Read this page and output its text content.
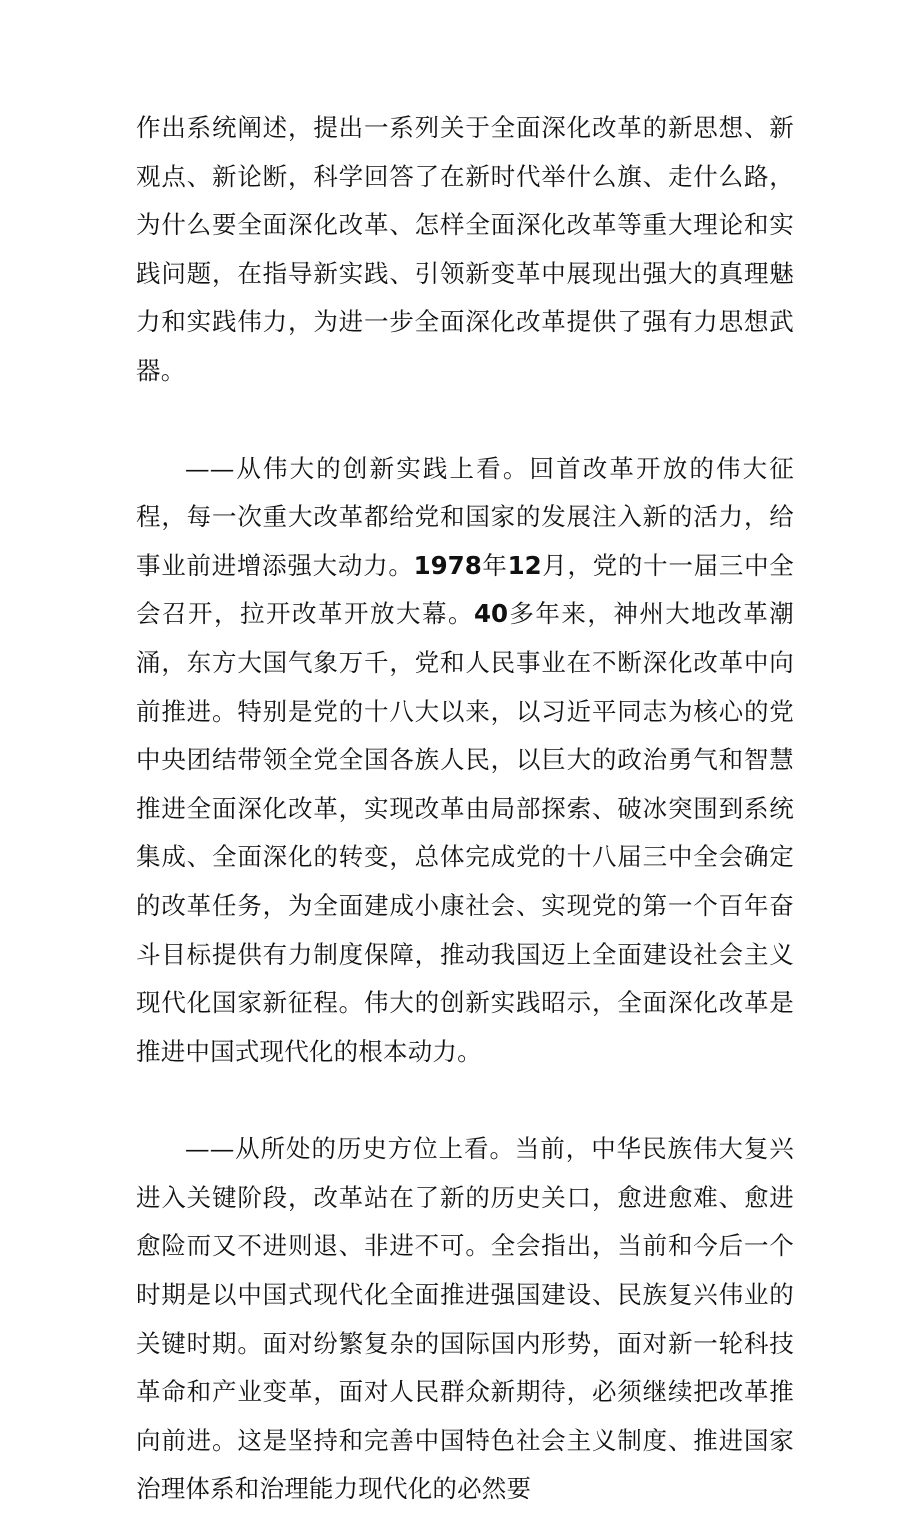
作出系统阐述，提出一系列关于全面深化改革的新思想、新观点、新论断，科学回答了在新时代举什么旗、走什么路，为什么要全面深化改革、怎样全面深化改革等重大理论和实践问题，在指导新实践、引领新变革中展现出强大的真理魅力和实践伟力，为进一步全面深化改革提供了强有力思想武器。

——从伟大的创新实践上看。回首改革开放的伟大征程，每一次重大改革都给党和国家的发展注入新的活力，给事业前进增添强大动力。1978年12月，党的十一届三中全会召开，拉开改革开放大幕。40多年来，神州大地改革潮涌，东方大国气象万千，党和人民事业在不断深化改革中向前推进。特别是党的十八大以来，以习近平同志为核心的党中央团结带领全党全国各族人民，以巨大的政治勇气和智慧推进全面深化改革，实现改革由局部探索、破冰突围到系统集成、全面深化的转变，总体完成党的十八届三中全会确定的改革任务，为全面建成小康社会、实现党的第一个百年奋斗目标提供有力制度保障，推动我国迈上全面建设社会主义现代化国家新征程。伟大的创新实践昭示，全面深化改革是推进中国式现代化的根本动力。

——从所处的历史方位上看。当前，中华民族伟大复兴进入关键阶段，改革站在了新的历史关口，愈进愈难、愈进愈险而又不进则退、非进不可。全会指出，当前和今后一个时期是以中国式现代化全面推进强国建设、民族复兴伟业的关键时期。面对纷繁复杂的国际国内形势，面对新一轮科技革命和产业变革，面对人民群众新期待，必须继续把改革推向前进。这是坚持和完善中国特色社会主义制度、推进国家治理体系和治理能力现代化的必然要
